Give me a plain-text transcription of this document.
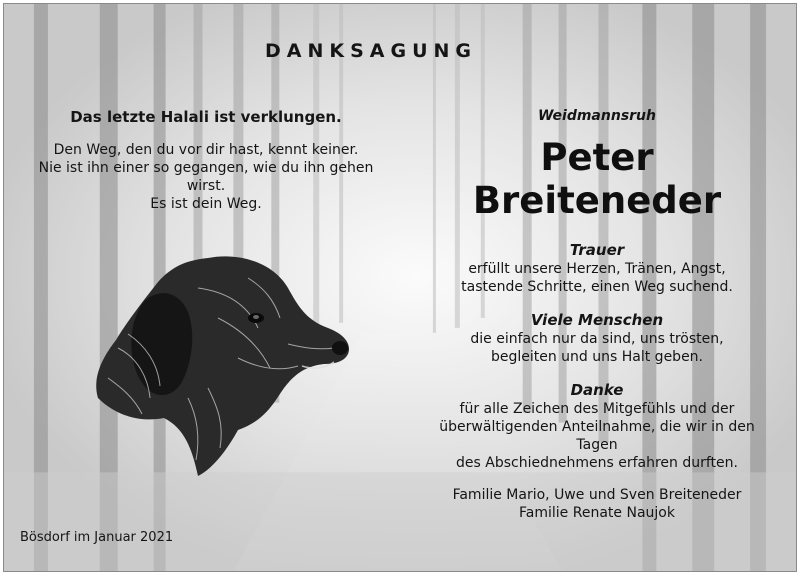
DANKSAGUNG
Das letzte Halali ist verklungen.
Den Weg, den du vor dir hast, kennt keiner.
Nie ist ihn einer so gegangen, wie du ihn gehen wirst.
Es ist dein Weg.
Weidmannsruh
Peter Breiteneder
Trauer
erfüllt unsere Herzen, Tränen, Angst,
tastende Schritte, einen Weg suchend.
Viele Menschen
die einfach nur da sind, uns trösten,
begleiten und uns Halt geben.
Danke
für alle Zeichen des Mitgefühls und der
überwältigenden Anteilnahme, die wir in den Tagen
des Abschiednehmens erfahren durften.
Familie Mario, Uwe und Sven Breiteneder
Familie Renate Naujok
Bösdorf im Januar 2021
